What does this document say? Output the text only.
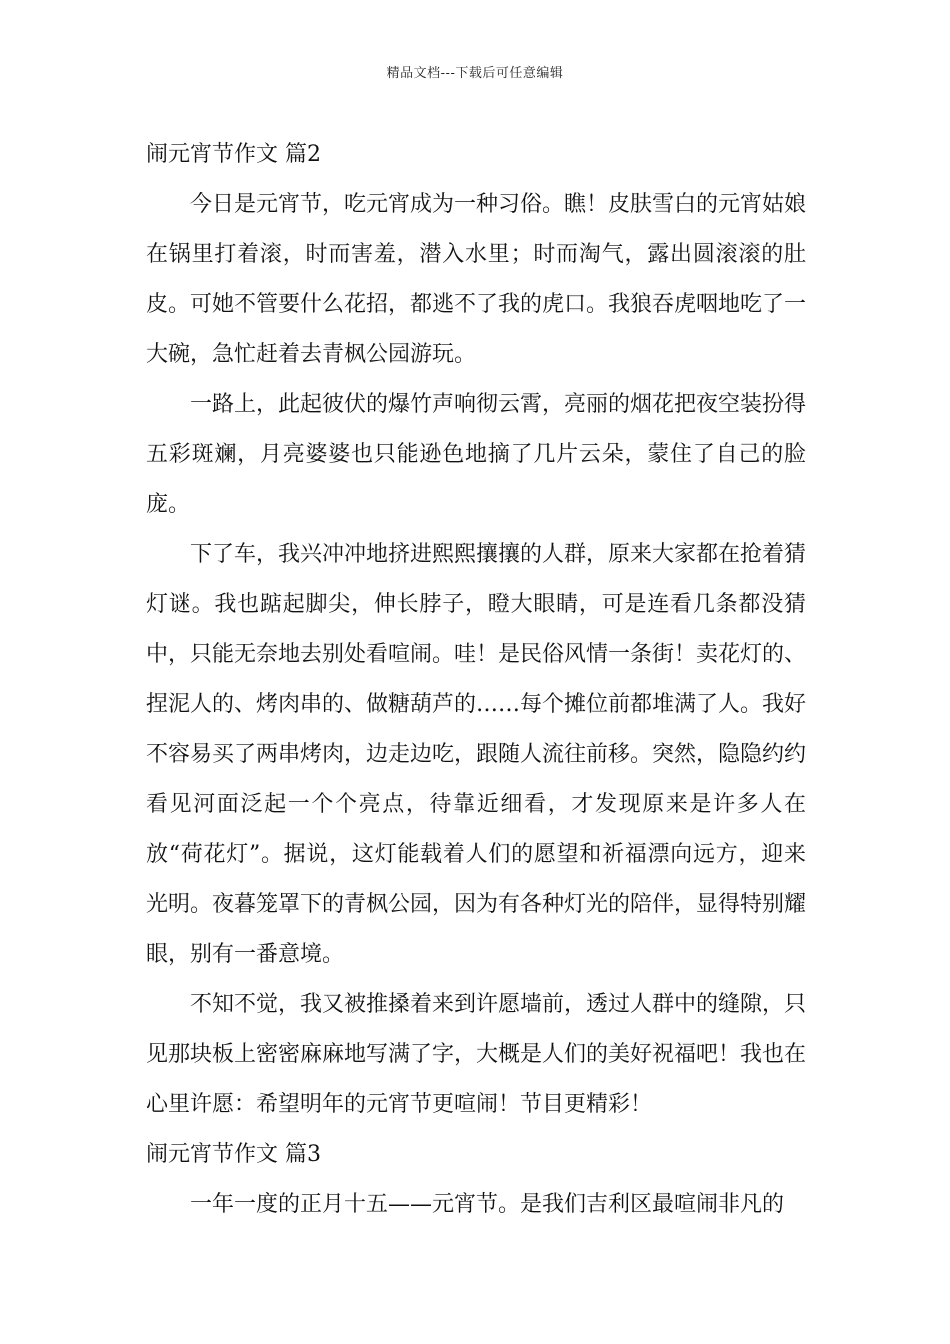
精品文档---下载后可任意编辑
闹元宵节作文 篇2

今日是元宵节，吃元宵成为一种习俗。瞧！皮肤雪白的元宵姑娘在锅里打着滚，时而害羞，潜入水里；时而淘气，露出圆滚滚的肚皮。可她不管要什么花招，都逃不了我的虎口。我狼吞虎咽地吃了一大碗，急忙赶着去青枫公园游玩。

一路上，此起彼伏的爆竹声响彻云霄，亮丽的烟花把夜空装扮得五彩斑斓，月亮婆婆也只能逊色地摘了几片云朵，蒙住了自己的脸庞。

下了车，我兴冲冲地挤进熙熙攘攘的人群，原来大家都在抢着猜灯谜。我也踮起脚尖，伸长脖子，瞪大眼睛，可是连看几条都没猜中，只能无奈地去别处看喧闹。哇！是民俗风情一条街！卖花灯的、捏泥人的、烤肉串的、做糖葫芦的……每个摊位前都堆满了人。我好不容易买了两串烤肉，边走边吃，跟随人流往前移。突然，隐隐约约看见河面泛起一个个亮点，待靠近细看，才发现原来是许多人在放“荷花灯”。据说，这灯能载着人们的愿望和祈福漂向远方，迎来光明。夜暮笼罩下的青枫公园，因为有各种灯光的陪伴，显得特别耀眼，别有一番意境。

不知不觉，我又被推搡着来到许愿墙前，透过人群中的缝隙，只见那块板上密密麻麻地写满了字，大概是人们的美好祝福吧！我也在心里许愿：希望明年的元宵节更喧闹！节目更精彩！

闹元宵节作文 篇3

一年一度的正月十五——元宵节。是我们吉利区最喧闹非凡的
